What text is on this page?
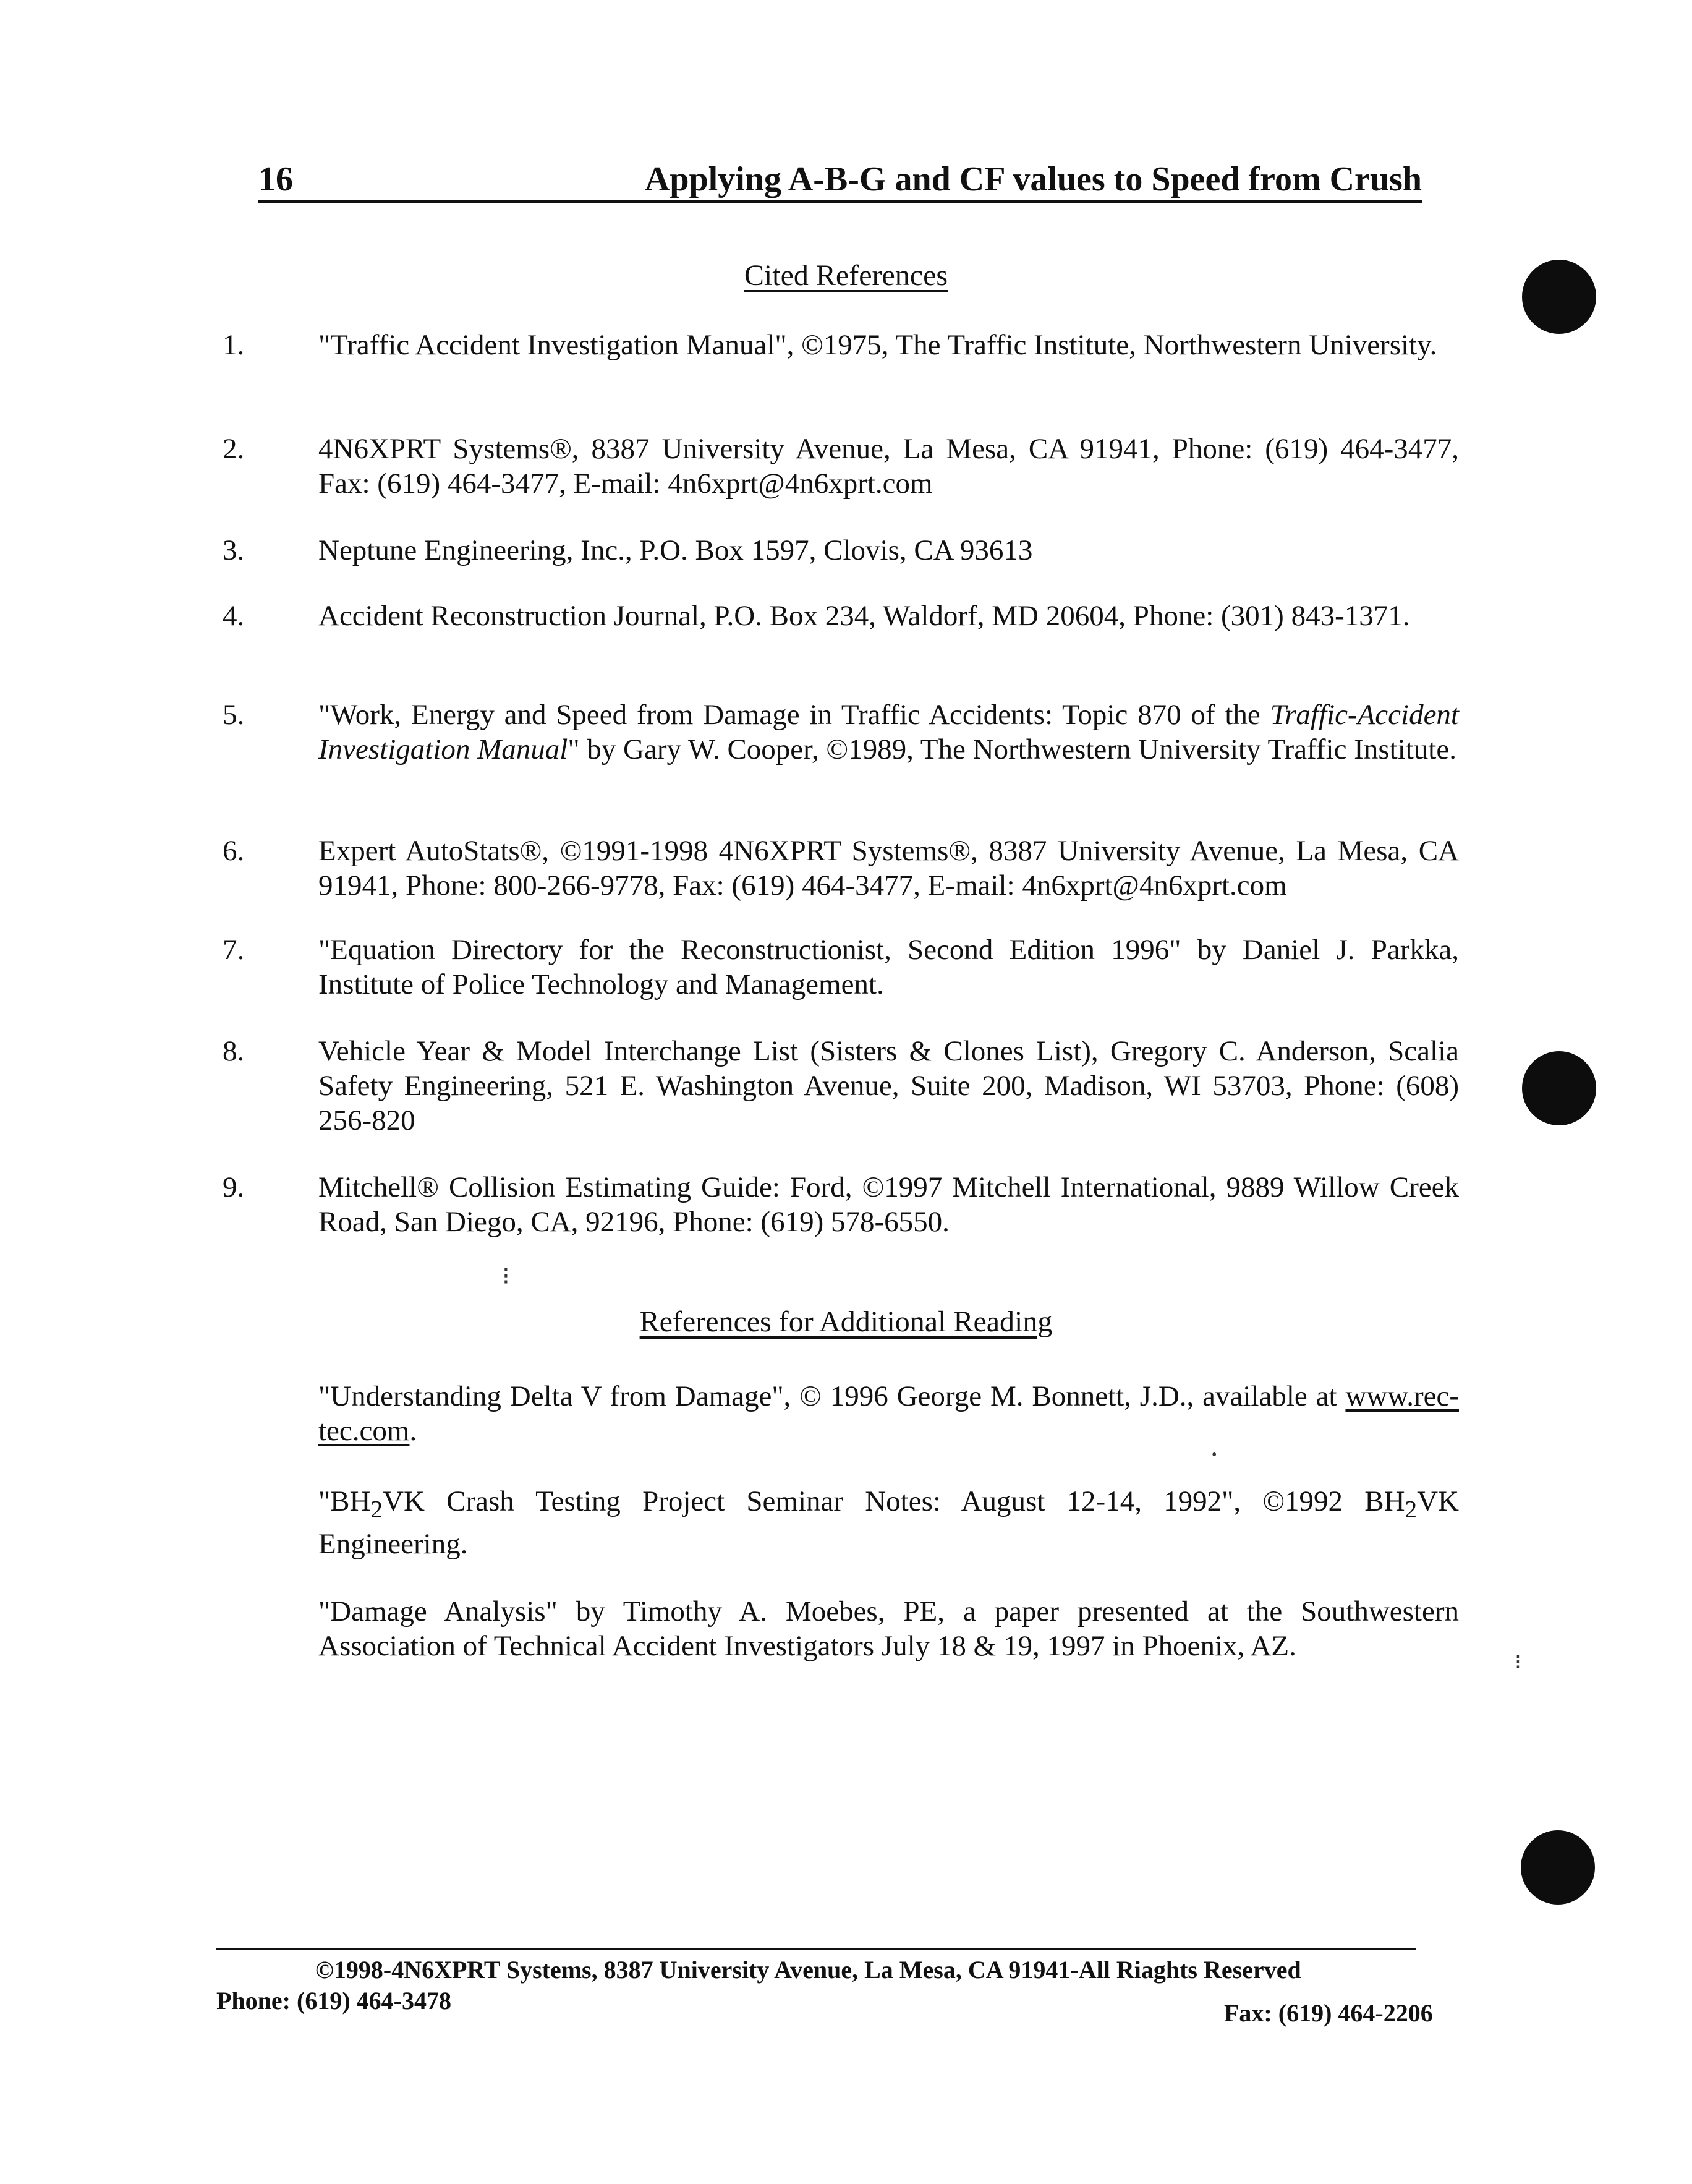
16	Applying A-B-G and CF values to Speed from Crush
Cited References
1.	"Traffic Accident Investigation Manual", ©1975, The Traffic Institute, Northwestern University.
2.	4N6XPRT Systems®, 8387 University Avenue, La Mesa, CA 91941, Phone: (619) 464-3477, Fax: (619) 464-3477, E-mail: 4n6xprt@4n6xprt.com
3.	Neptune Engineering, Inc., P.O. Box 1597, Clovis, CA 93613
4.	Accident Reconstruction Journal, P.O. Box 234, Waldorf, MD 20604, Phone: (301) 843-1371.
5.	"Work, Energy and Speed from Damage in Traffic Accidents: Topic 870 of the Traffic-Accident Investigation Manual" by Gary W. Cooper, ©1989, The Northwestern University Traffic Institute.
6.	Expert AutoStats®, ©1991-1998 4N6XPRT Systems®, 8387 University Avenue, La Mesa, CA 91941, Phone: 800-266-9778, Fax: (619) 464-3477, E-mail: 4n6xprt@4n6xprt.com
7.	"Equation Directory for the Reconstructionist, Second Edition 1996" by Daniel J. Parkka, Institute of Police Technology and Management.
8.	Vehicle Year & Model Interchange List (Sisters & Clones List), Gregory C. Anderson, Scalia Safety Engineering, 521 E. Washington Avenue, Suite 200, Madison, WI 53703, Phone: (608) 256-820
9.	Mitchell® Collision Estimating Guide: Ford, ©1997 Mitchell International, 9889 Willow Creek Road, San Diego, CA, 92196, Phone: (619) 578-6550.
⁝
•
⁝
References for Additional Reading
"Understanding Delta V from Damage", © 1996 George M. Bonnett, J.D., available at www.rec-tec.com.
"$BH_2VK$ Crash Testing Project Seminar Notes: August 12-14, 1992", ©1992 $BH_2VK$ Engineering.
"Damage Analysis" by Timothy A. Moebes, PE, a paper presented at the Southwestern Association of Technical Accident Investigators July 18 & 19, 1997 in Phoenix, AZ.
©1998-4N6XPRT Systems, 8387 University Avenue, La Mesa, CA 91941-All Riaghts Reserved
Phone: (619) 464-3478	Fax: (619) 464-2206
